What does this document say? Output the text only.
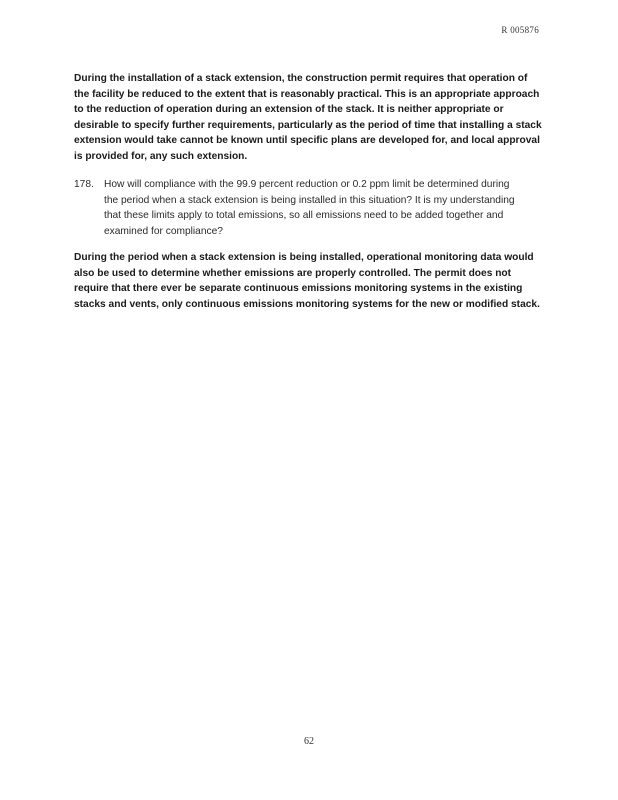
R 005876

During the installation of a stack extension, the construction permit requires that operation of the facility be reduced to the extent that is reasonably practical. This is an appropriate approach to the reduction of operation during an extension of the stack. It is neither appropriate or desirable to specify further requirements, particularly as the period of time that installing a stack extension would take cannot be known until specific plans are developed for, and local approval is provided for, any such extension.

178. How will compliance with the 99.9 percent reduction or 0.2 ppm limit be determined during the period when a stack extension is being installed in this situation? It is my understanding that these limits apply to total emissions, so all emissions need to be added together and examined for compliance?

During the period when a stack extension is being installed, operational monitoring data would also be used to determine whether emissions are properly controlled. The permit does not require that there ever be separate continuous emissions monitoring systems in the existing stacks and vents, only continuous emissions monitoring systems for the new or modified stack.

62
